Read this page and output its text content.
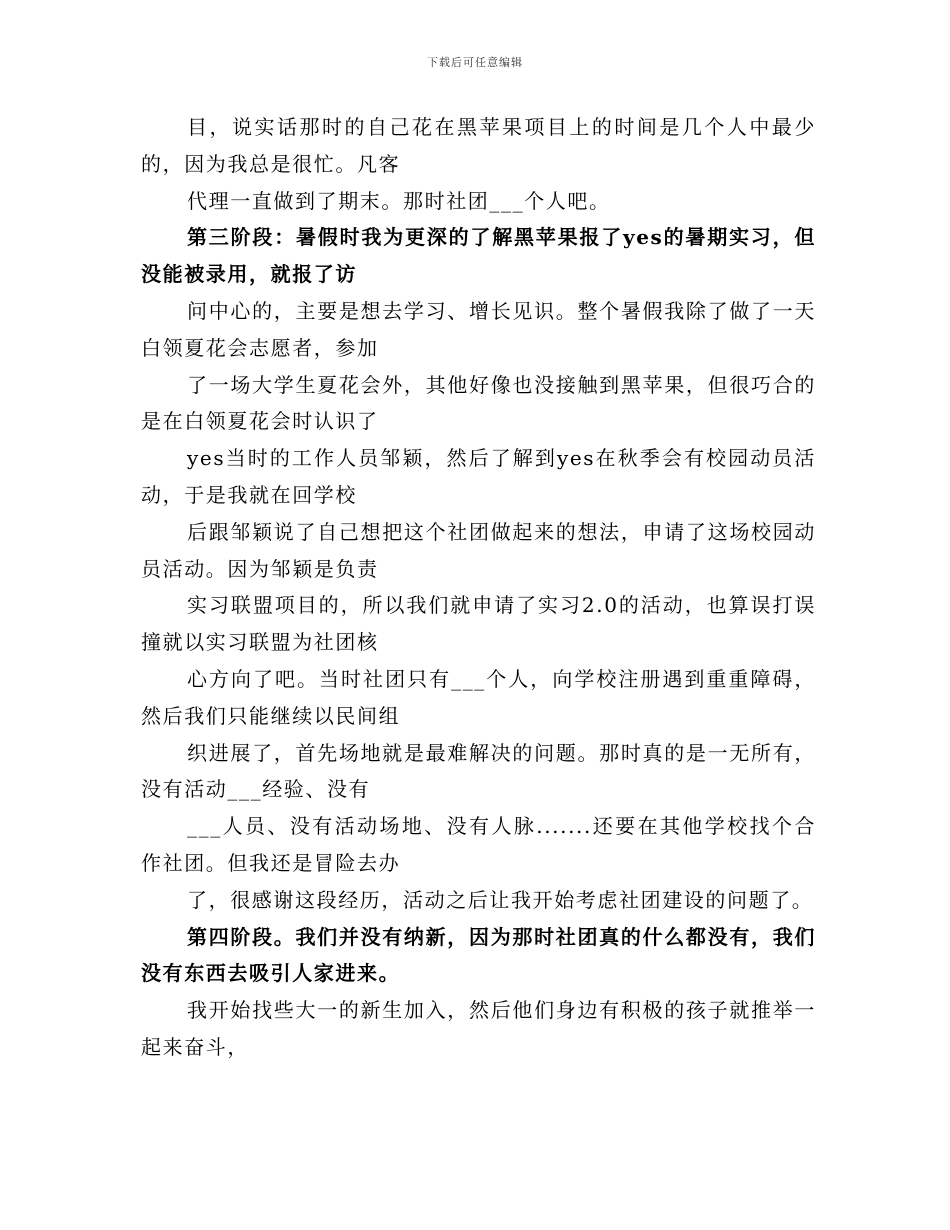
下载后可任意编辑

目，说实话那时的自己花在黑苹果项目上的时间是几个人中最少的，因为我总是很忙。凡客

代理一直做到了期末。那时社团___个人吧。

第三阶段：暑假时我为更深的了解黑苹果报了yes的暑期实习，但没能被录用，就报了访

问中心的，主要是想去学习、增长见识。整个暑假我除了做了一天白领夏花会志愿者，参加

了一场大学生夏花会外，其他好像也没接触到黑苹果，但很巧合的是在白领夏花会时认识了

yes当时的工作人员邹颖，然后了解到yes在秋季会有校园动员活动，于是我就在回学校

后跟邹颖说了自己想把这个社团做起来的想法，申请了这场校园动员活动。因为邹颖是负责

实习联盟项目的，所以我们就申请了实习2.0的活动，也算误打误撞就以实习联盟为社团核

心方向了吧。当时社团只有___个人，向学校注册遇到重重障碍，然后我们只能继续以民间组

织进展了，首先场地就是最难解决的问题。那时真的是一无所有，没有活动___经验、没有

___人员、没有活动场地、没有人脉.......还要在其他学校找个合作社团。但我还是冒险去办

了，很感谢这段经历，活动之后让我开始考虑社团建设的问题了。

第四阶段。我们并没有纳新，因为那时社团真的什么都没有，我们没有东西去吸引人家进来。

我开始找些大一的新生加入，然后他们身边有积极的孩子就推举一起来奋斗，
